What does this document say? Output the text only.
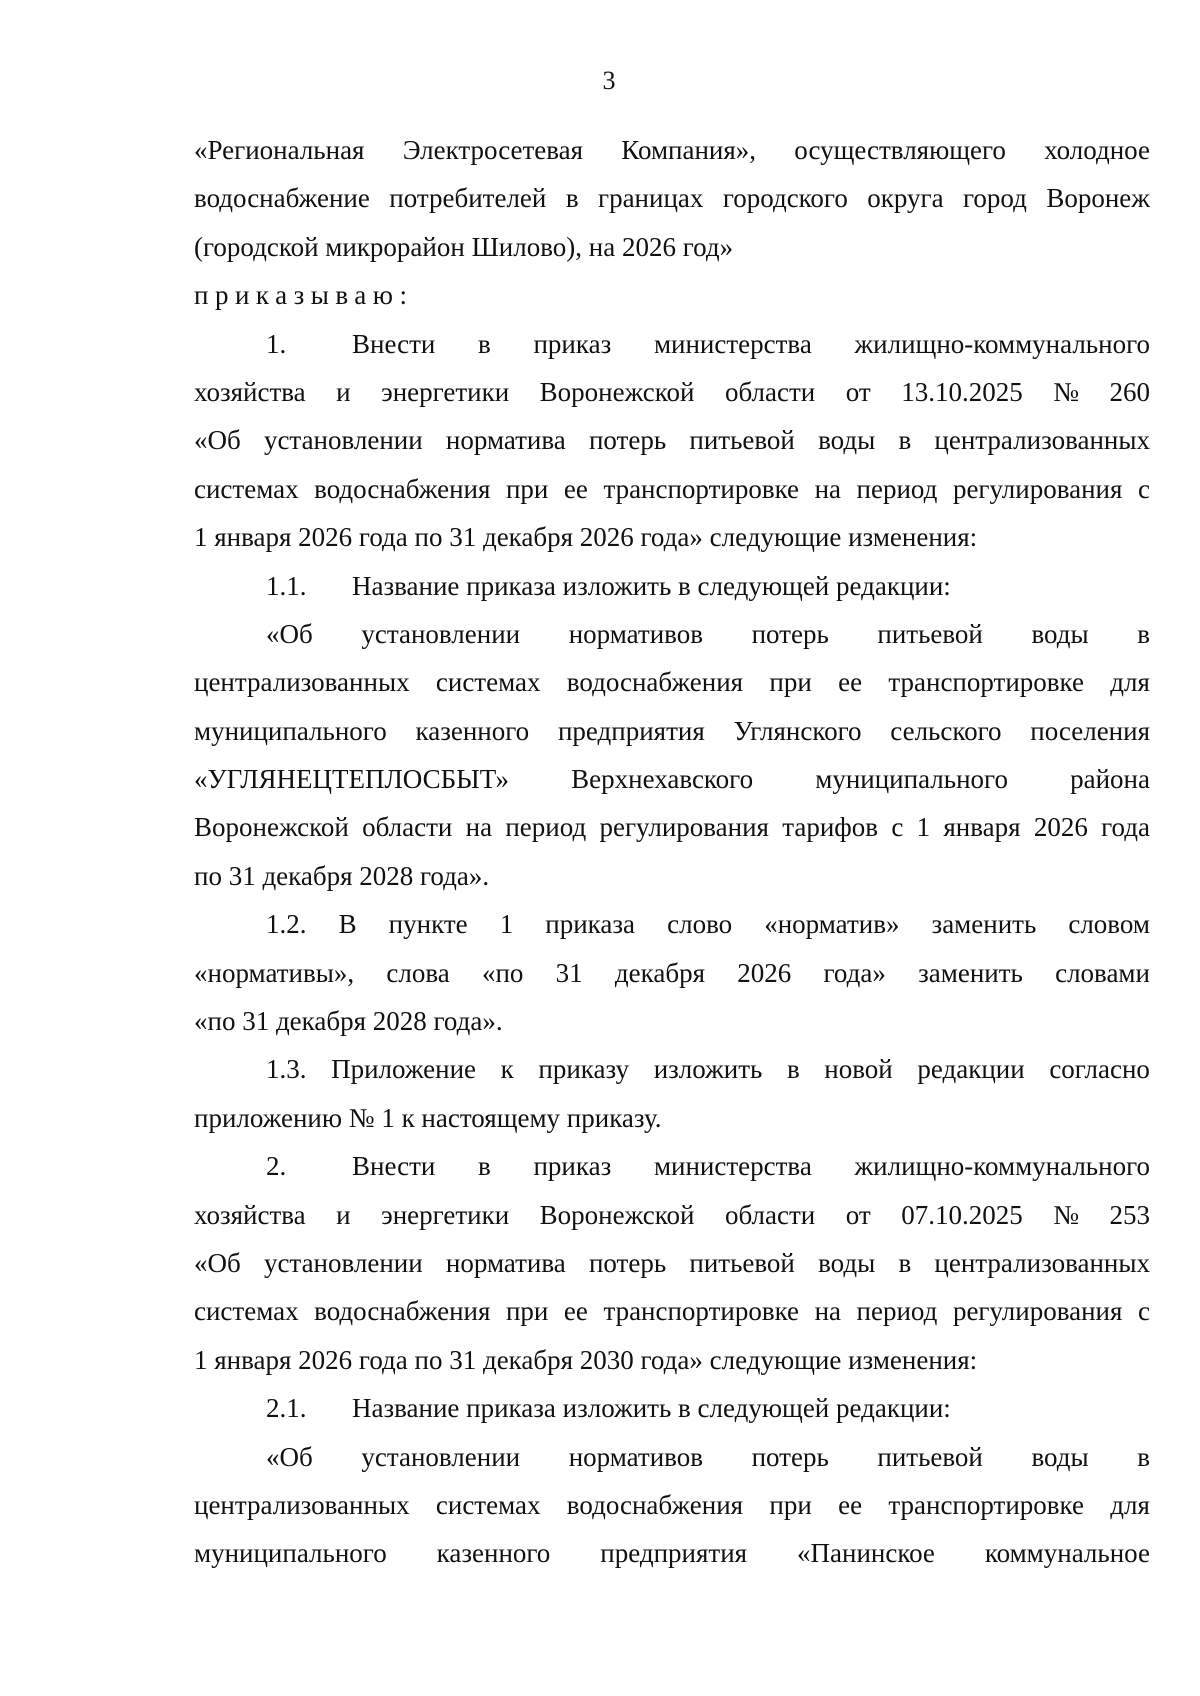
3
«Региональная Электросетевая Компания», осуществляющего холодное
водоснабжение потребителей в границах городского округа город Воронеж
(городской микрорайон Шилово), на 2026 год»
приказываю:
1.	Внести в приказ министерства жилищно-коммунального
хозяйства и энергетики Воронежской области от 13.10.2025 № 260
«Об установлении норматива потерь питьевой воды в централизованных
системах водоснабжения при ее транспортировке на период регулирования с
1 января 2026 года по 31 декабря 2026 года» следующие изменения:
1.1. Название приказа изложить в следующей редакции:
«Об установлении нормативов потерь питьевой воды в
централизованных системах водоснабжения при ее транспортировке для
муниципального казенного предприятия Углянского сельского поселения
«УГЛЯНЕЦТЕПЛОСБЫТ» Верхнехавского муниципального района
Воронежской области на период регулирования тарифов с 1 января 2026 года
по 31 декабря 2028 года».
1.2. В пункте 1 приказа слово «норматив» заменить словом
«нормативы», слова «по 31 декабря 2026 года» заменить словами
«по 31 декабря 2028 года».
1.3. Приложение к приказу изложить в новой редакции согласно
приложению № 1 к настоящему приказу.
2.	Внести в приказ министерства жилищно-коммунального
хозяйства и энергетики Воронежской области от 07.10.2025 № 253
«Об установлении норматива потерь питьевой воды в централизованных
системах водоснабжения при ее транспортировке на период регулирования с
1 января 2026 года по 31 декабря 2030 года» следующие изменения:
2.1. Название приказа изложить в следующей редакции:
«Об установлении нормативов потерь питьевой воды в
централизованных системах водоснабжения при ее транспортировке для
муниципального казенного предприятия «Панинское коммунальное
